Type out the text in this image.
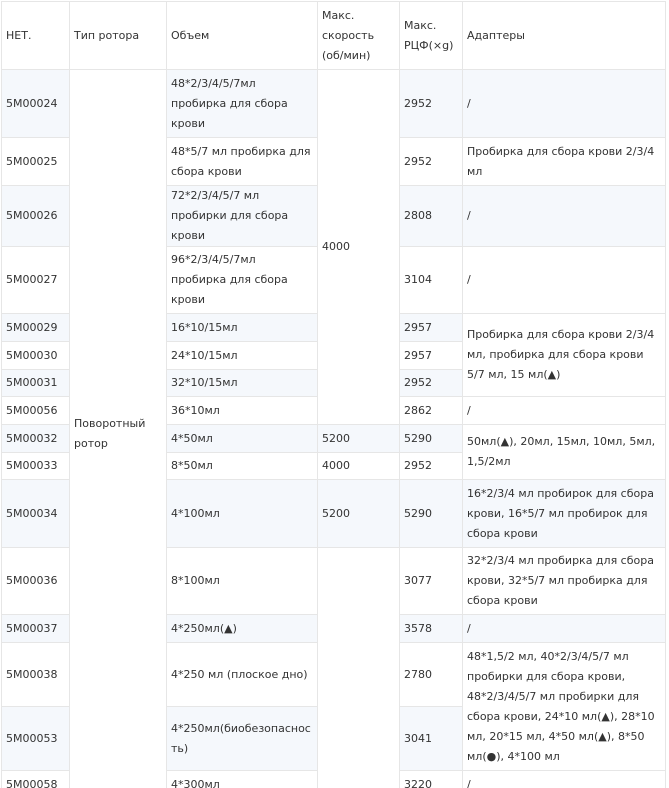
НЕТ.	Тип ротора	Объем	Макс. скорость (об/мин)	Макс. РЦФ(×g)	Адаптеры
5M00024	Поворотный ротор	48*2/3/4/5/7мл пробирка для сбора крови	4000	2952	/
5M00025		48*5/7 мл пробирка для сбора крови		2952	Пробирка для сбора крови 2/3/4 мл
5M00026		72*2/3/4/5/7 мл пробирки для сбора крови		2808	/
5M00027		96*2/3/4/5/7мл пробирка для сбора крови		3104	/
5M00029		16*10/15мл		2957	Пробирка для сбора крови 2/3/4 мл, пробирка для сбора крови 5/7 мл, 15 мл(▲)
5M00030		24*10/15мл		2957	
5M00031		32*10/15мл		2952	
5M00056		36*10мл		2862	/
5M00032		4*50мл	5200	5290	50мл(▲), 20мл, 15мл, 10мл, 5мл, 1,5/2мл
5M00033		8*50мл	4000	2952	
5M00034		4*100мл	5200	5290	16*2/3/4 мл пробирок для сбора крови, 16*5/7 мл пробирок для сбора крови
5M00036		8*100мл		3077	32*2/3/4 мл пробирка для сбора крови, 32*5/7 мл пробирка для сбора крови
5M00037		4*250мл(▲)		3578	/
5M00038		4*250 мл (плоское дно)		2780	48*1,5/2 мл, 40*2/3/4/5/7 мл пробирки для сбора крови, 48*2/3/4/5/7 мл пробирки для сбора крови, 24*10 мл(▲), 28*10 мл, 20*15 мл, 4*50 мл(▲), 8*50 мл(●), 4*100 мл
5M00053		4*250мл(биобезопасность)		3041	
5M00058		4*300мл		3220	/
